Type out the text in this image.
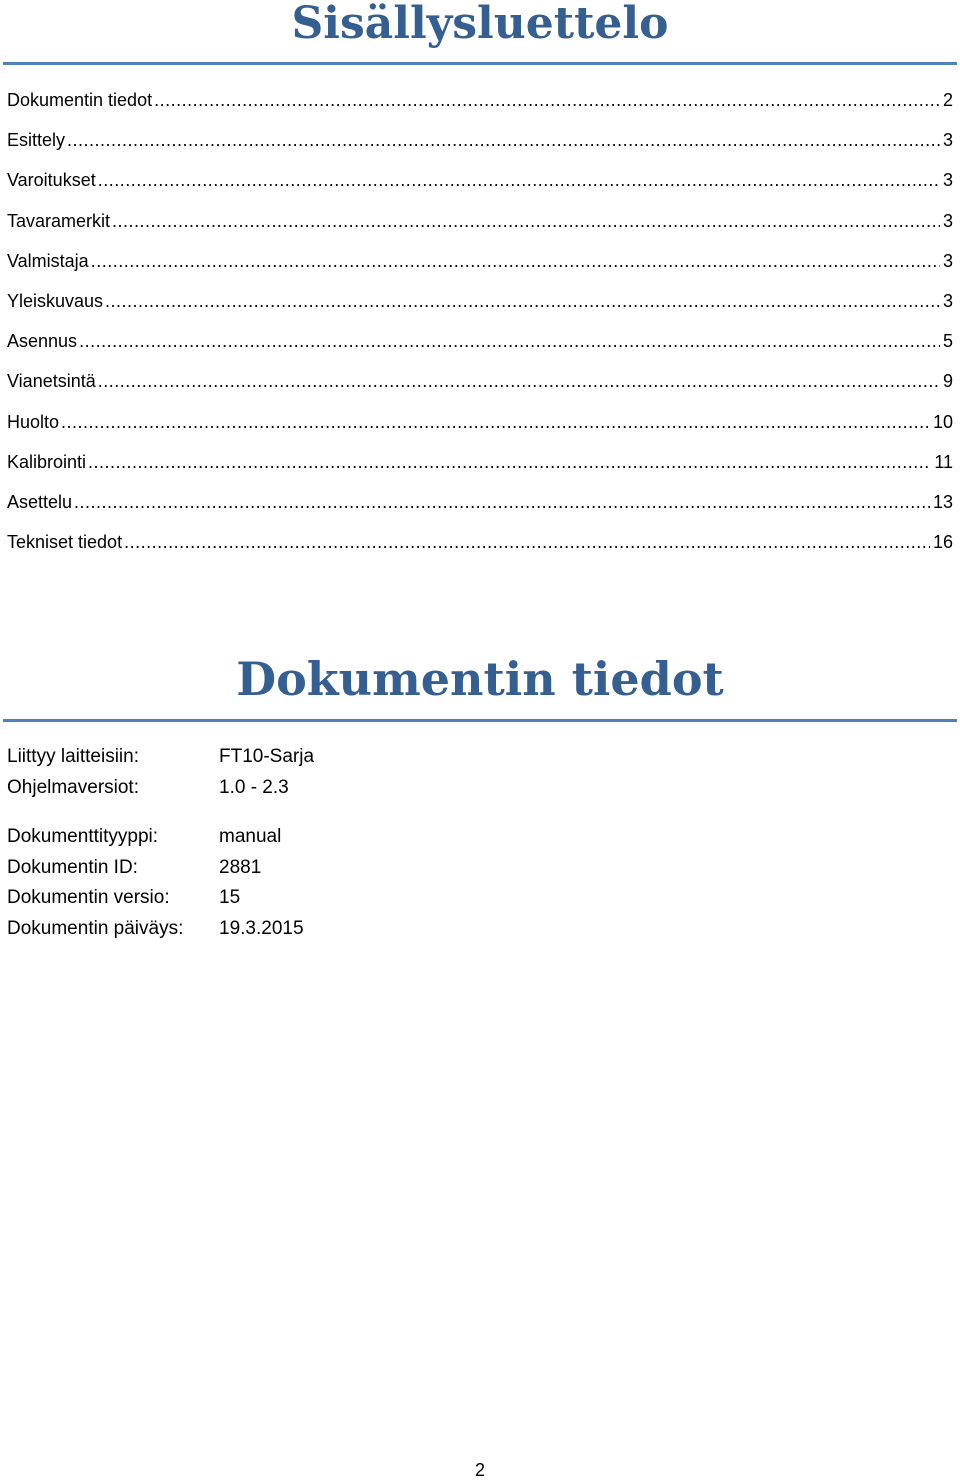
Sisällysluettelo
Dokumentin tiedot .....	2
Esittely .....	3
Varoitukset .....	3
Tavaramerkit .....	3
Valmistaja .....	3
Yleiskuvaus .....	3
Asennus .....	5
Vianetsintä .....	9
Huolto .....	10
Kalibrointi .....	11
Asettelu .....	13
Tekniset tiedot .....	16
Dokumentin tiedot
Liittyy laitteisiin:	FT10-Sarja
Ohjelmaversiot:	1.0 - 2.3
Dokumenttityyppi:	manual
Dokumentin ID:	2881
Dokumentin versio:	15
Dokumentin päiväys:	19.3.2015
2
